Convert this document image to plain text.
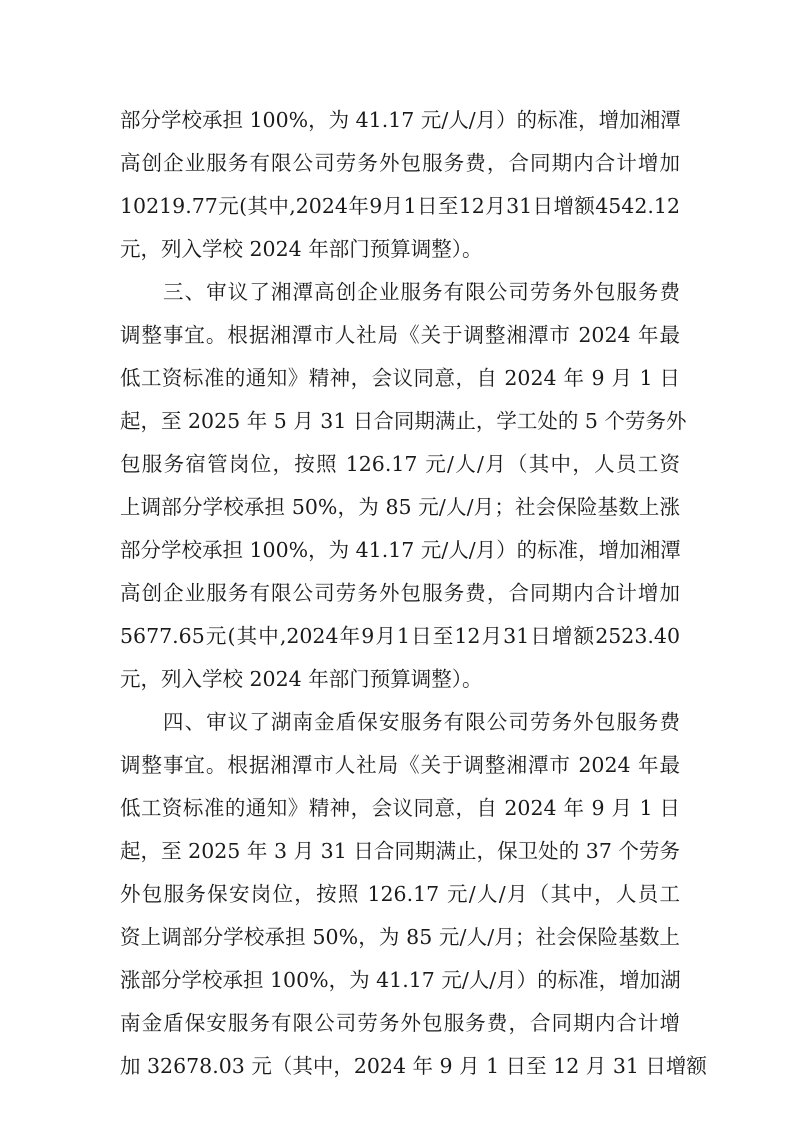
部分学校承担 100%，为 41.17 元/人/月）的标准，增加湘潭
高创企业服务有限公司劳务外包服务费，合同期内合计增加
10219.77元(其中,2024年9月1日至12月31日增额4542.12
元，列入学校 2024 年部门预算调整）。
三、审议了湘潭高创企业服务有限公司劳务外包服务费
调整事宜。根据湘潭市人社局《关于调整湘潭市 2024 年最
低工资标准的通知》精神，会议同意，自 2024 年 9 月 1 日
起，至 2025 年 5 月 31 日合同期满止，学工处的 5 个劳务外
包服务宿管岗位，按照 126.17 元/人/月（其中，人员工资
上调部分学校承担 50%，为 85 元/人/月；社会保险基数上涨
部分学校承担 100%，为 41.17 元/人/月）的标准，增加湘潭
高创企业服务有限公司劳务外包服务费，合同期内合计增加
5677.65元(其中,2024年9月1日至12月31日增额2523.40
元，列入学校 2024 年部门预算调整）。
四、审议了湖南金盾保安服务有限公司劳务外包服务费
调整事宜。根据湘潭市人社局《关于调整湘潭市 2024 年最
低工资标准的通知》精神，会议同意，自 2024 年 9 月 1 日
起，至 2025 年 3 月 31 日合同期满止，保卫处的 37 个劳务
外包服务保安岗位，按照 126.17 元/人/月（其中，人员工
资上调部分学校承担 50%，为 85 元/人/月；社会保险基数上
涨部分学校承担 100%，为 41.17 元/人/月）的标准，增加湖
南金盾保安服务有限公司劳务外包服务费，合同期内合计增
加 32678.03 元（其中，2024 年 9 月 1 日至 12 月 31 日增额
